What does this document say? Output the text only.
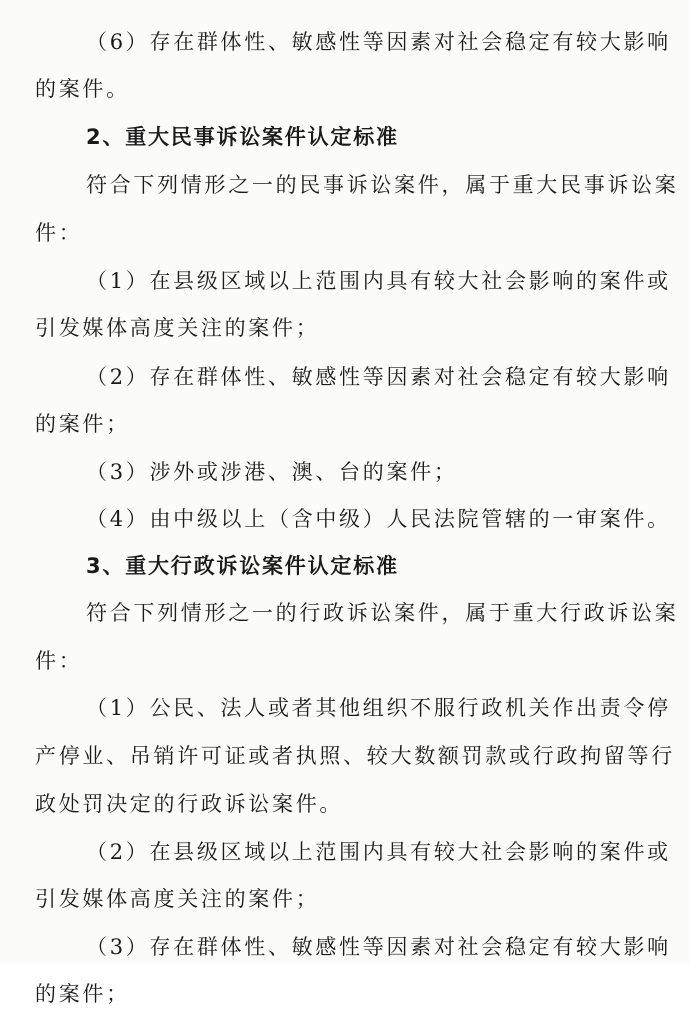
（6）存在群体性、敏感性等因素对社会稳定有较大影响
的案件。
2、重大民事诉讼案件认定标准
符合下列情形之一的民事诉讼案件，属于重大民事诉讼案
件：
（1）在县级区域以上范围内具有较大社会影响的案件或
引发媒体高度关注的案件；
（2）存在群体性、敏感性等因素对社会稳定有较大影响
的案件；
（3）涉外或涉港、澳、台的案件；
（4）由中级以上（含中级）人民法院管辖的一审案件。
3、重大行政诉讼案件认定标准
符合下列情形之一的行政诉讼案件，属于重大行政诉讼案
件：
（1）公民、法人或者其他组织不服行政机关作出责令停
产停业、吊销许可证或者执照、较大数额罚款或行政拘留等行
政处罚决定的行政诉讼案件。
（2）在县级区域以上范围内具有较大社会影响的案件或
引发媒体高度关注的案件；
（3）存在群体性、敏感性等因素对社会稳定有较大影响
的案件；
